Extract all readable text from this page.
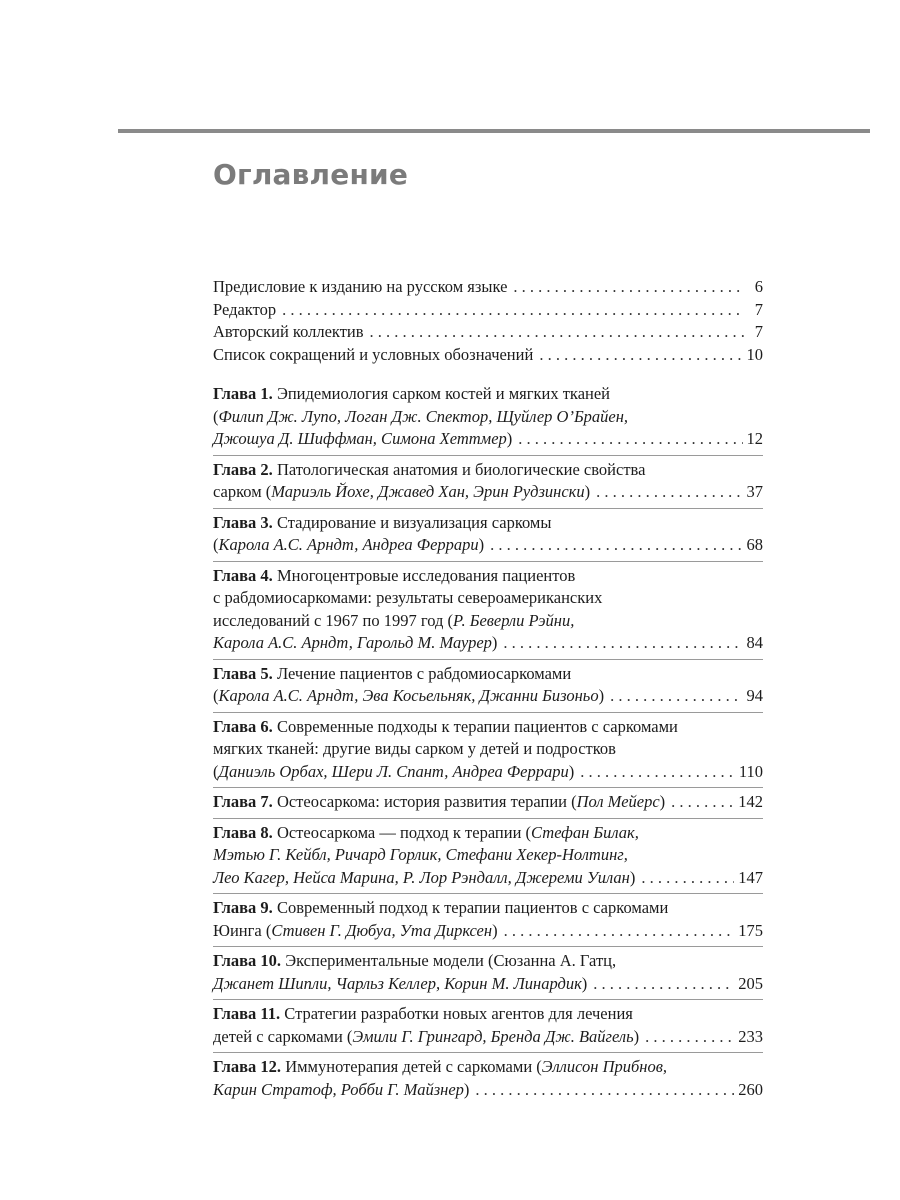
Оглавление
Предисловие к изданию на русском языке . . .	6
Редактор . . .	7
Авторский коллектив . . .	7
Список сокращений и условных обозначений . . .	10
Глава 1. Эпидемиология сарком костей и мягких тканей
(Филип Дж. Лупо, Логан Дж. Спектор, Щуйлер О’Брайен,
Джошуа Д. Шиффман, Симона Хеттмер) . . .	12
Глава 2. Патологическая анатомия и биологические свойства
сарком (Мариэль Йохе, Джавед Хан, Эрин Рудзински) . . .	37
Глава 3. Стадирование и визуализация саркомы
(Карола А.С. Арндт, Андреа Феррари) . . .	68
Глава 4. Многоцентровые исследования пациентов
с рабдомиосаркомами: результаты североамериканских
исследований с 1967 по 1997 год (Р. Беверли Рэйни,
Карола А.С. Арндт, Гарольд М. Маурер) . . .	84
Глава 5. Лечение пациентов с рабдомиосаркомами
(Карола А.С. Арндт, Эва Косьельняк, Джанни Бизоньо) . . .	94
Глава 6. Современные подходы к терапии пациентов с саркомами
мягких тканей: другие виды сарком у детей и подростков
(Даниэль Орбах, Шери Л. Спант, Андреа Феррари) . . .	110
Глава 7. Остеосаркома: история развития терапии (Пол Мейерс) . . .	142
Глава 8. Остеосаркома — подход к терапии (Стефан Билак,
Мэтью Г. Кейбл, Ричард Горлик, Стефани Хекер-Нолтинг,
Лео Кагер, Нейса Марина, Р. Лор Рэндалл, Джереми Уилан) . . .	147
Глава 9. Современный подход к терапии пациентов с саркомами
Юинга (Стивен Г. Дюбуа, Ута Дирксен) . . .	175
Глава 10. Экспериментальные модели (Сюзанна А. Гатц,
Джанет Шипли, Чарльз Келлер, Корин М. Линардик) . . .	205
Глава 11. Стратегии разработки новых агентов для лечения
детей с саркомами (Эмили Г. Грингард, Бренда Дж. Вайгель) . . .	233
Глава 12. Иммунотерапия детей с саркомами (Эллисон Прибнов,
Карин Стратоф, Робби Г. Майзнер) . . .	260
